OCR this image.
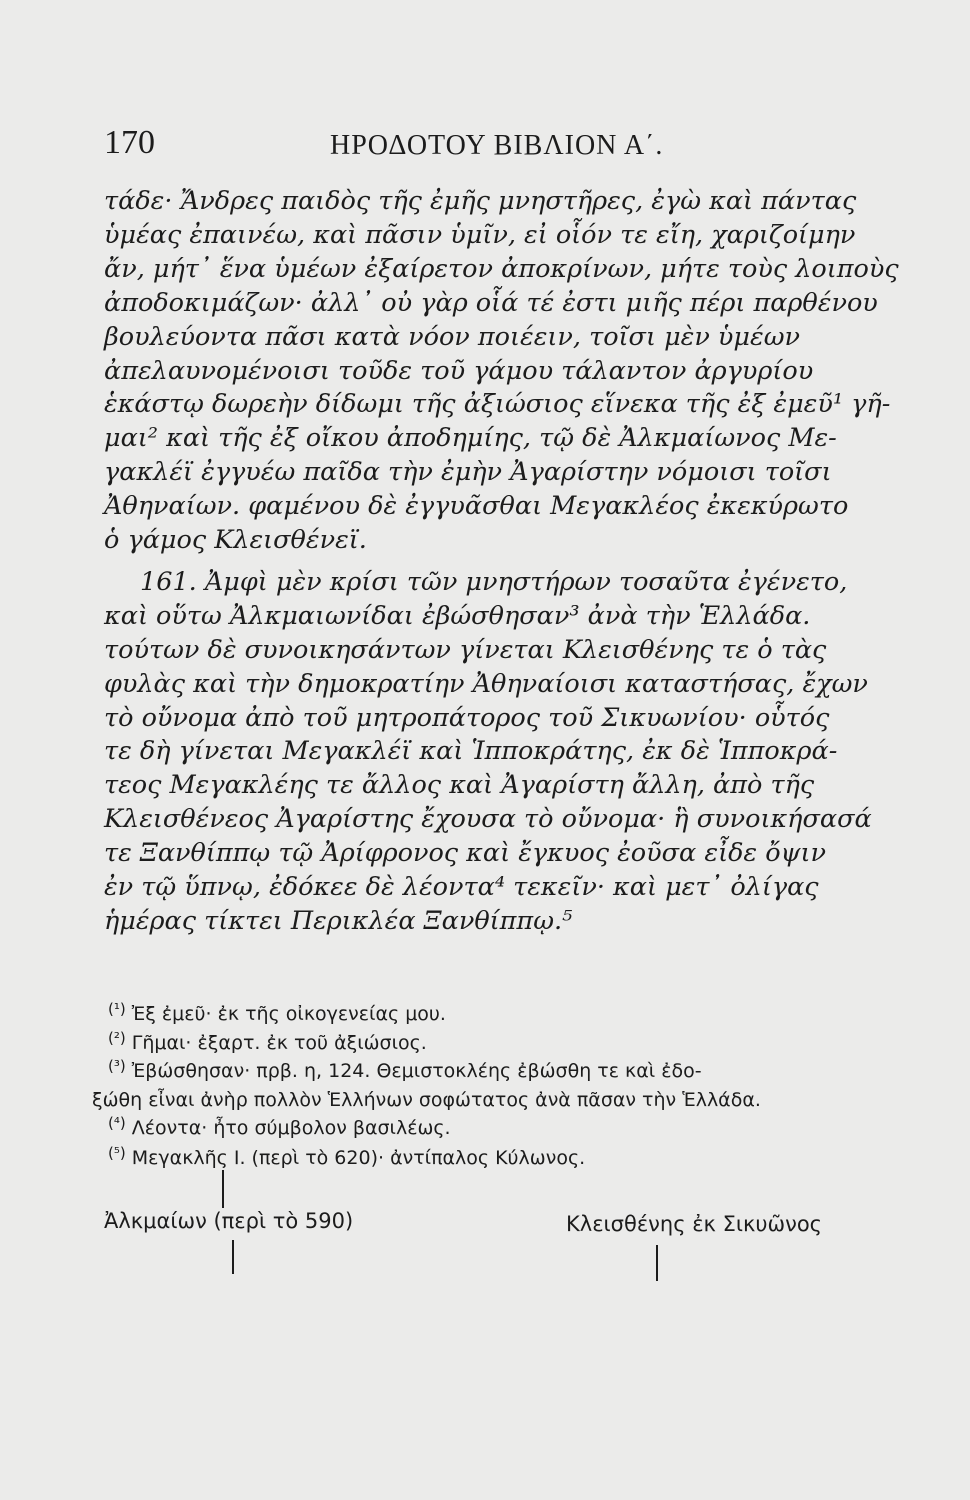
170	ΗΡΟΔΟΤΟΥ ΒΙΒΛΙΟΝ Α΄.
τάδε· Ἄνδρες παιδὸς τῆς ἐμῆς μνηστῆρες, ἐγὼ καὶ πάντας
ὑμέας ἐπαινέω, καὶ πᾶσιν ὑμῖν, εἰ οἷόν τε εἴη, χαριζοίμην
ἄν, μήτ᾿ ἕνα ὑμέων ἐξαίρετον ἀποκρίνων, μήτε τοὺς λοιποὺς
ἀποδοκιμάζων· ἀλλ᾿ οὐ γὰρ οἷά τέ ἐστι μιῆς πέρι παρθένου
βουλεύοντα πᾶσι κατὰ νόον ποιέειν, τοῖσι μὲν ὑμέων
ἀπελαυνομένοισι τοῦδε τοῦ γάμου τάλαντον ἀργυρίου
ἑκάστῳ δωρεὴν δίδωμι τῆς ἀξιώσιος εἵνεκα τῆς ἐξ ἐμεῦ¹ γῆ-
μαι² καὶ τῆς ἐξ οἴκου ἀποδημίης, τῷ δὲ Ἀλκμαίωνος Με-
γακλέϊ ἐγγυέω παῖδα τὴν ἐμὴν Ἀγαρίστην νόμοισι τοῖσι
Ἀθηναίων. φαμένου δὲ ἐγγυᾶσθαι Μεγακλέος ἐκεκύρωτο
ὁ γάμος Κλεισθένεϊ.
161. Ἀμφὶ μὲν κρίσι τῶν μνηστήρων τοσαῦτα ἐγένετο,
καὶ οὕτω Ἀλκμαιωνίδαι ἐβώσθησαν³ ἀνὰ τὴν Ἑλλάδα.
τούτων δὲ συνοικησάντων γίνεται Κλεισθένης τε ὁ τὰς
φυλὰς καὶ τὴν δημοκρατίην Ἀθηναίοισι καταστήσας, ἔχων
τὸ οὔνομα ἀπὸ τοῦ μητροπάτορος τοῦ Σικυωνίου· οὗτός
τε δὴ γίνεται Μεγακλέϊ καὶ Ἱπποκράτης, ἐκ δὲ Ἱπποκρά-
τεος Μεγακλέης τε ἄλλος καὶ Ἀγαρίστη ἄλλη, ἀπὸ τῆς
Κλεισθένεος Ἀγαρίστης ἔχουσα τὸ οὔνομα· ἣ συνοικήσασά
τε Ξανθίππῳ τῷ Ἀρίφρονος καὶ ἔγκυος ἐοῦσα εἶδε ὄψιν
ἐν τῷ ὕπνῳ, ἐδόκεε δὲ λέοντα⁴ τεκεῖν· καὶ μετ᾿ ὀλίγας
ἡμέρας τίκτει Περικλέα Ξανθίππῳ.⁵
$^{(^1)}$ Ἐξ ἐμεῦ· ἐκ τῆς οἰκογενείας μου.
$^{(^2)}$ Γῆμαι· ἐξαρτ. ἐκ τοῦ ἀξιώσιος.
$^{(^3)}$ Ἐβώσθησαν· πρβ. η, 124. Θεμιστοκλέης ἐβώσθη τε καὶ ἐδο-
ξώθη εἶναι ἀνὴρ πολλὸν Ἑλλήνων σοφώτατος ἀνὰ πᾶσαν τὴν Ἑλλάδα.
$^{(^4)}$ Λέοντα· ἦτο σύμβολον βασιλέως.
$^{(^5)}$ Μεγακλῆς Ι. (περὶ τὸ 620)· ἀντίπαλος Κύλωνος.
Ἀλκμαίων (περὶ τὸ 590)	Κλεισθένης ἐκ Σικυῶνος
